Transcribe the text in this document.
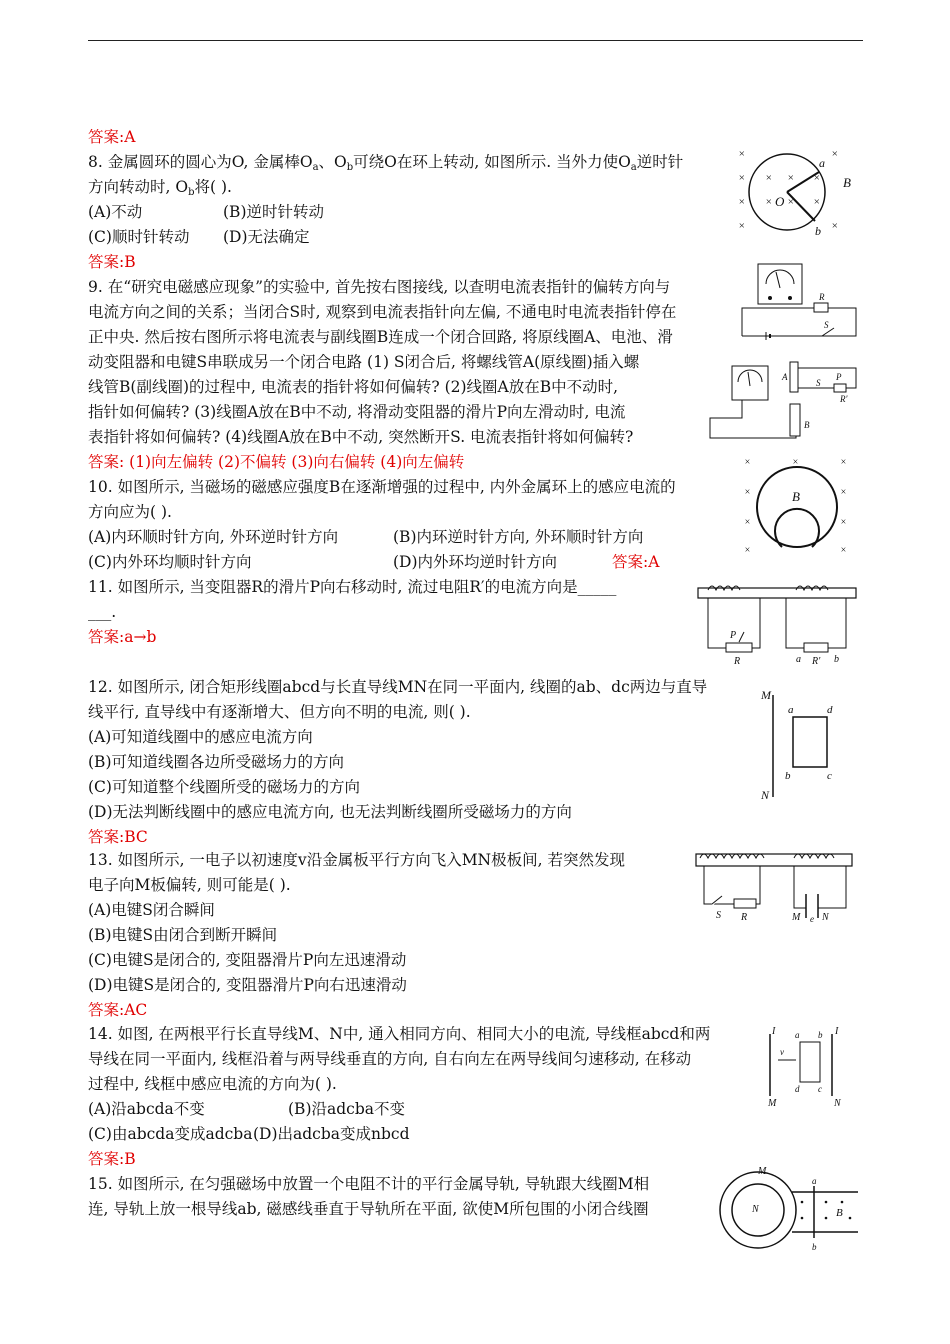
答案:A
8. 金属圆环的圆心为O, 金属棒$O_a$、$O_b$可绕O在环上转动, 如图所示. 当外力使$O_a$逆时针
方向转动时, $O_b$将( ).
(A)不动	(B)逆时针转动
(C)顺时针转动 (D)无法确定
答案:B
×
×
×
×
×
×
×
×
×
×
×
×
a
b
O
B
9. 在“研究电磁感应现象”的实验中, 首先按右图接线, 以查明电流表指针的偏转方向与
电流方向之间的关系；当闭合S时, 观察到电流表指针向左偏, 不通电时电流表指针停在
正中央. 然后按右图所示将电流表与副线圈B连成一个闭合回路, 将原线圈A、电池、滑
动变阻器和电键S串联成另一个闭合电路 (1) S闭合后, 将螺线管A(原线圈)插入螺
线管B(副线圈)的过程中, 电流表的指针将如何偏转? (2)线圈A放在B中不动时,
指针如何偏转? (3)线圈A放在B中不动, 将滑动变阻器的滑片P向左滑动时, 电流
表指针将如何偏转? (4)线圈A放在B中不动, 突然断开S. 电流表指针将如何偏转?
答案: (1)向左偏转 (2)不偏转 (3)向右偏转 (4)向左偏转
R
S
A
B
S
P
R'
10. 如图所示, 当磁场的磁感应强度B在逐渐增强的过程中, 内外金属环上的感应电流的
方向应为( ).
(A)内环顺时针方向, 外环逆时针方向	(B)内环逆时针方向, 外环顺时针方向
(C)内外环均顺时针方向	(D)内外环均逆时针方向	答案:A
×
×
×
×
×
×
×
×
×
B
11. 如图所示, 当变阻器R的滑片P向右移动时, 流过电阻R′的电流方向是_____
___.
答案:a→b
R
P
a R' b
12. 如图所示, 闭合矩形线圈abcd与长直导线MN在同一平面内, 线圈的ab、dc两边与直导
线平行, 直导线中有逐渐增大、但方向不明的电流, 则( ).
(A)可知道线圈中的感应电流方向
(B)可知道线圈各边所受磁场力的方向
(C)可知道整个线圈所受的磁场力的方向
(D)无法判断线圈中的感应电流方向, 也无法判断线圈所受磁场力的方向
答案:BC
M
N
a	d
b	c
13. 如图所示, 一电子以初速度v沿金属板平行方向飞入MN极板间, 若突然发现
电子向M板偏转, 则可能是( ).
(A)电键S闭合瞬间
(B)电键S由闭合到断开瞬间
(C)电键S是闭合的, 变阻器滑片P向左迅速滑动
(D)电键S是闭合的, 变阻器滑片P向右迅速滑动
答案:AC
S R	M N
e
14. 如图, 在两根平行长直导线M、N中, 通入相同方向、相同大小的电流, 导线框abcd和两
导线在同一平面内, 线框沿着与两导线垂直的方向, 自右向左在两导线间匀速移动, 在移动
过程中, 线框中感应电流的方向为( ).
(A)沿abcda不变	(B)沿adcba不变
(C)由abcda变成adcba (D)出adcba变成nbcd
答案:B
I	I
a b
d c
v
M	N
15. 如图所示, 在匀强磁场中放置一个电阻不计的平行金属导轨, 导轨跟大线圈M相
连, 导轨上放一根导线ab, 磁感线垂直于导轨所在平面, 欲使M所包围的小闭合线圈
M
N
a
b
B
